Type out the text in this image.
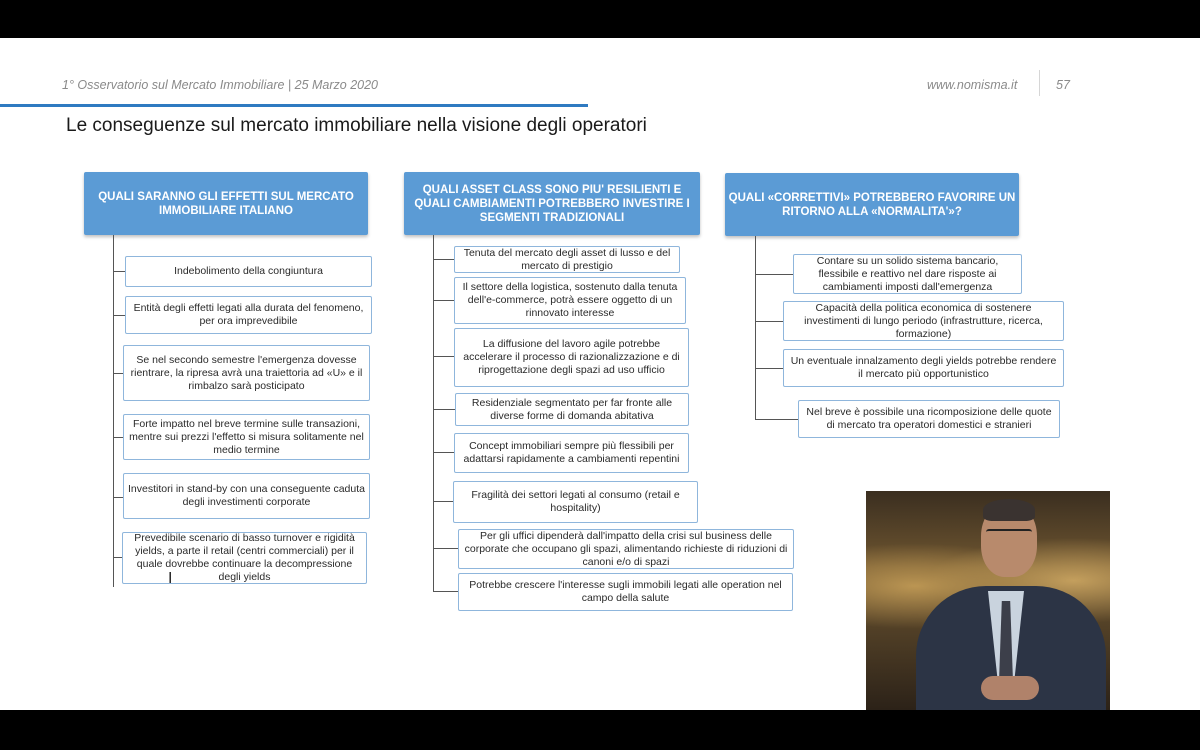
1° Osservatorio sul Mercato Immobiliare | 25 Marzo 2020	www.nomisma.it	57
Le conseguenze sul mercato immobiliare nella visione degli operatori
QUALI SARANNO GLI EFFETTI SUL MERCATO IMMOBILIARE ITALIANO
Indebolimento della congiuntura
Entità degli effetti legati alla durata del fenomeno, per ora imprevedibile
Se nel secondo semestre l'emergenza dovesse rientrare, la ripresa avrà una traiettoria ad «U» e il rimbalzo sarà posticipato
Forte impatto nel breve termine sulle transazioni, mentre sui prezzi l'effetto si misura solitamente nel medio termine
Investitori in stand-by con una conseguente caduta degli investimenti corporate
Prevedibile scenario di basso turnover e rigidità yields, a parte il retail (centri commerciali) per il quale dovrebbe continuare la decompressione degli yields
QUALI ASSET CLASS SONO PIU' RESILIENTI E QUALI CAMBIAMENTI POTREBBERO INVESTIRE I SEGMENTI TRADIZIONALI
Tenuta del mercato degli asset di lusso e del mercato di prestigio
Il settore della logistica, sostenuto dalla tenuta dell'e-commerce, potrà essere oggetto di un rinnovato interesse
La diffusione del lavoro agile potrebbe accelerare il processo di razionalizzazione e di riprogettazione degli spazi ad uso ufficio
Residenziale segmentato per far fronte alle diverse forme di domanda abitativa
Concept immobiliari sempre più flessibili per adattarsi rapidamente a cambiamenti repentini
Fragilità dei settori legati al consumo (retail e hospitality)
Per gli uffici dipenderà dall'impatto della crisi sul business delle corporate che occupano gli spazi, alimentando richieste di riduzioni di canoni e/o di spazi
Potrebbe crescere l'interesse sugli immobili legati alle operation nel campo della salute
QUALI «CORRETTIVI» POTREBBERO FAVORIRE UN RITORNO ALLA «NORMALITA'»?
Contare su un solido sistema bancario, flessibile e reattivo nel dare risposte ai cambiamenti imposti dall'emergenza
Capacità della politica economica di sostenere investimenti di lungo periodo (infrastrutture, ricerca, formazione)
Un eventuale innalzamento degli yields potrebbe rendere il mercato più opportunistico
Nel breve è possibile una ricomposizione delle quote di mercato tra operatori domestici e stranieri
I
